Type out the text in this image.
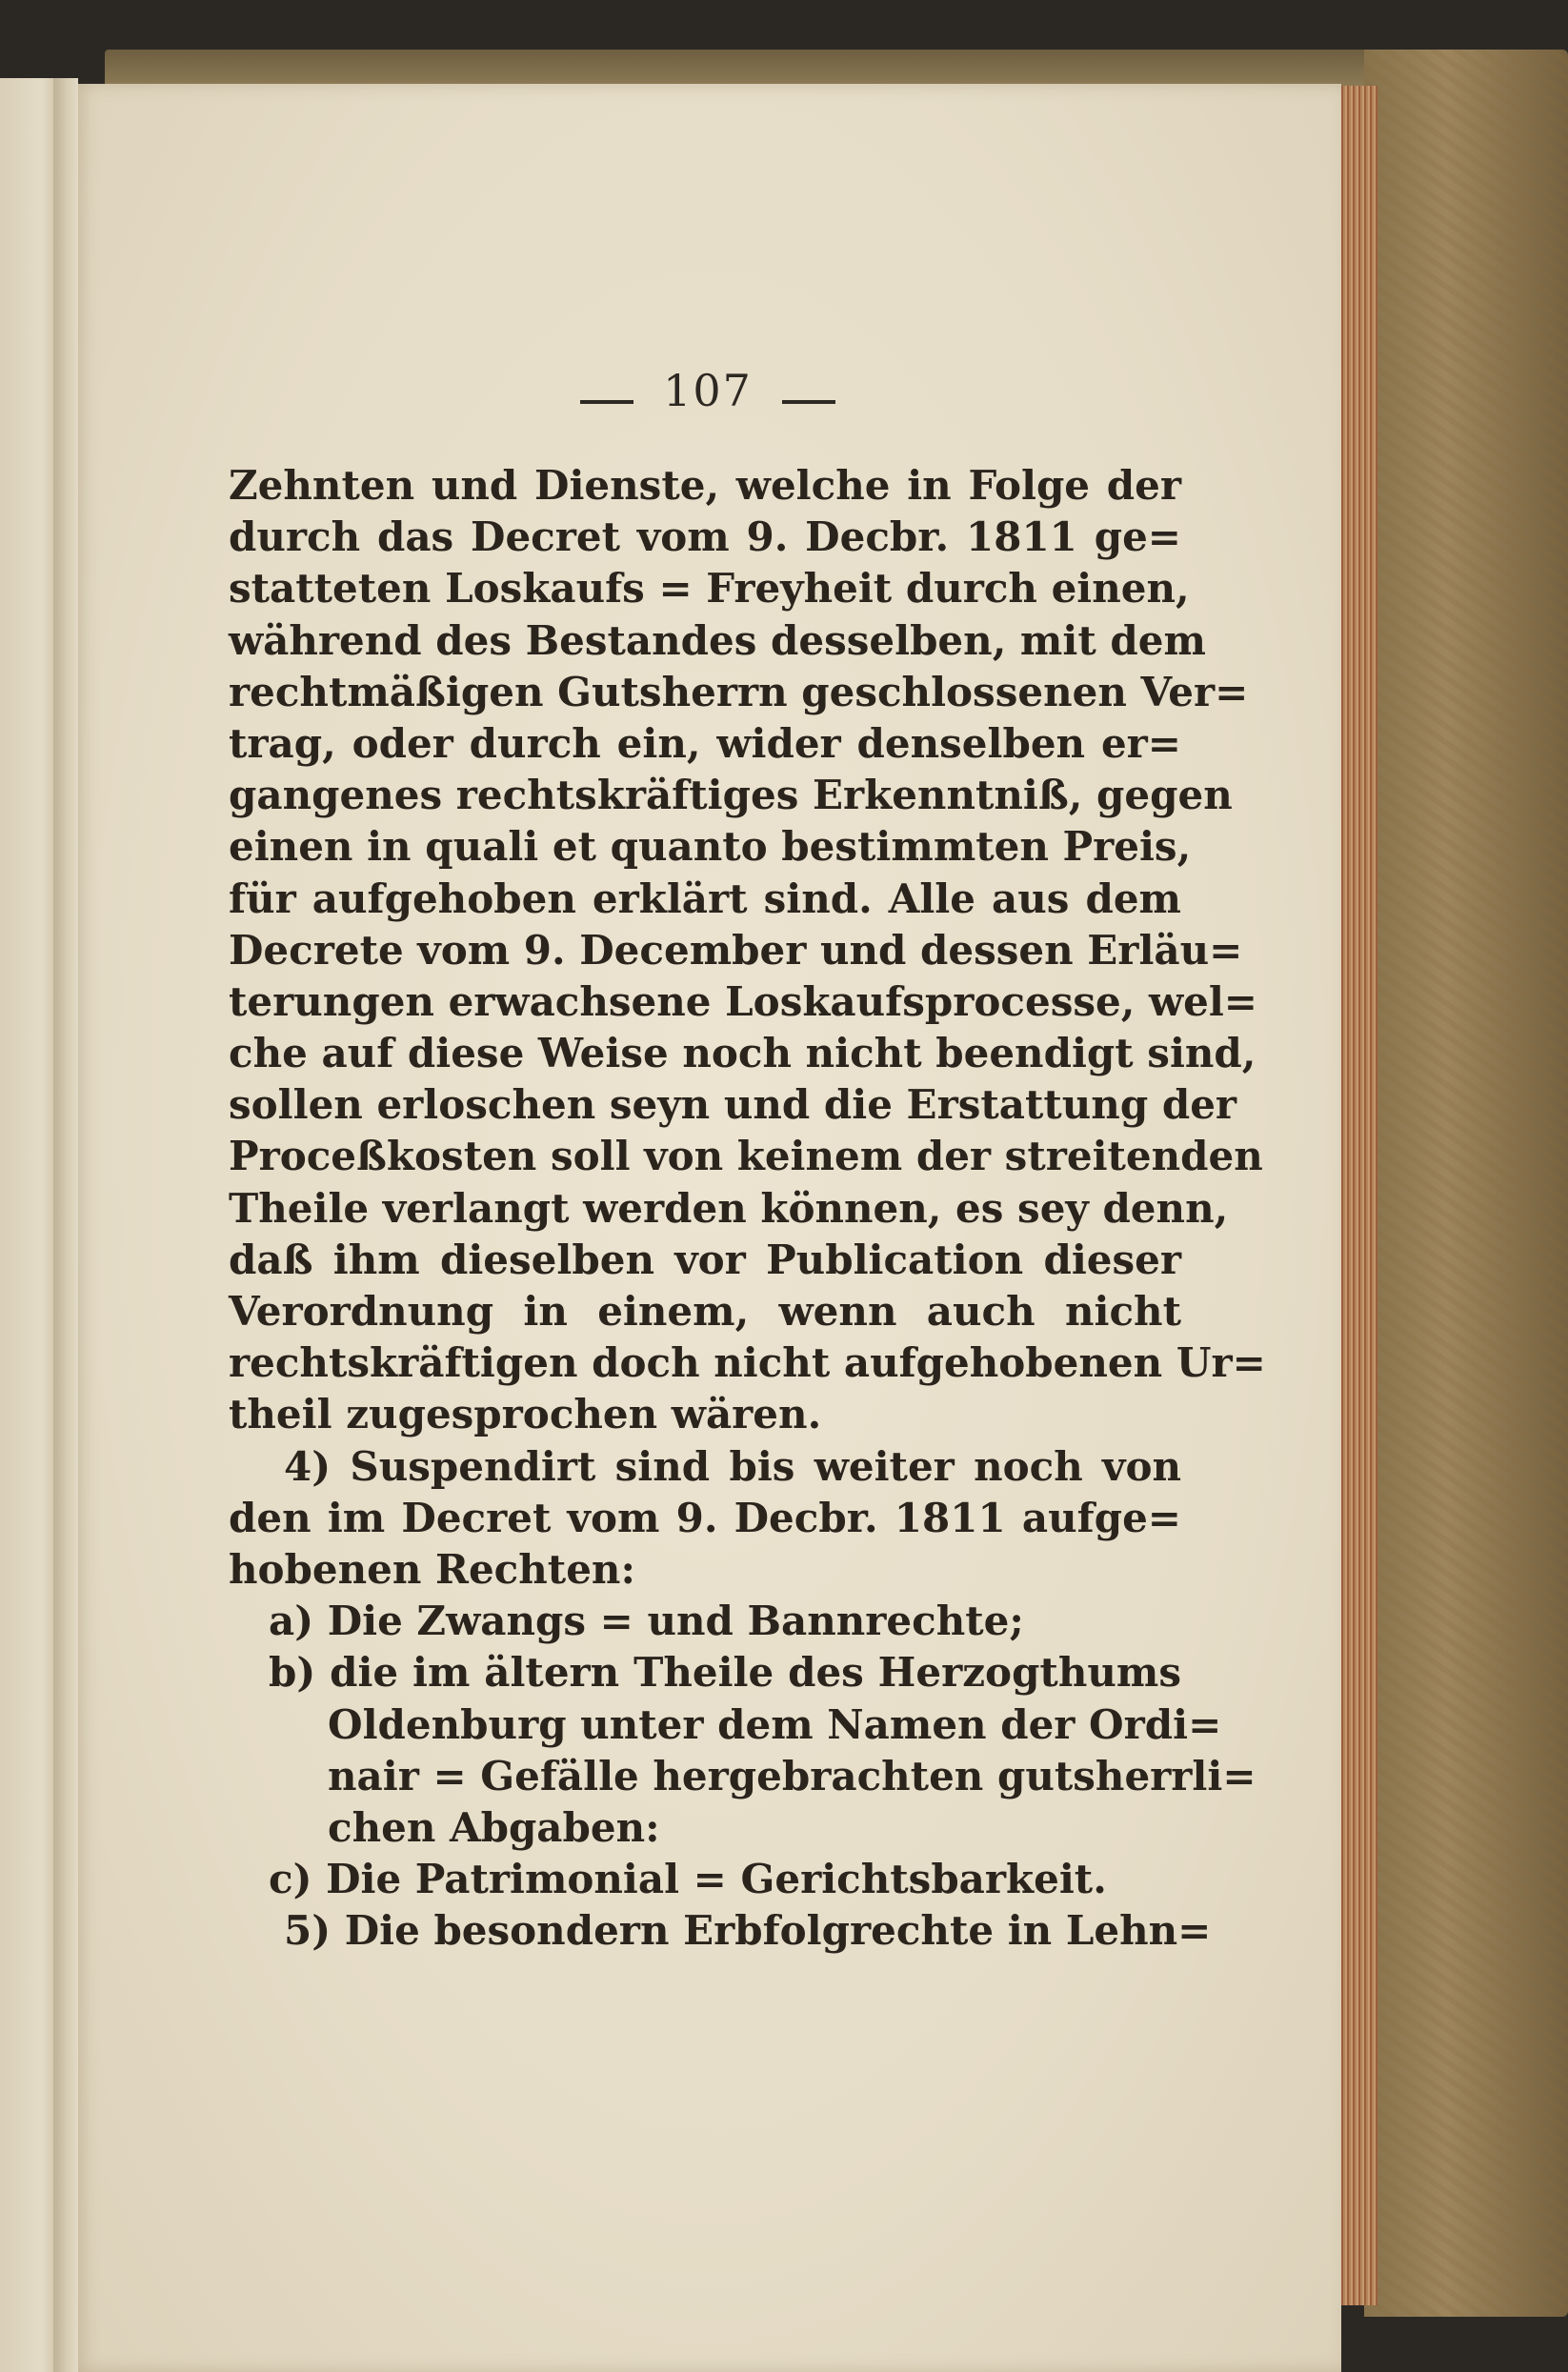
107
Zehnten und Dienste, welche in Folge der
durch das Decret vom 9. Decbr. 1811 ge=
statteten Loskaufs = Freyheit durch einen,
während des Bestandes desselben, mit dem
rechtmäßigen Gutsherrn geschlossenen Ver=
trag, oder durch ein, wider denselben er=
gangenes rechtskräftiges Erkenntniß, gegen
einen in quali et quanto bestimmten Preis,
für aufgehoben erklärt sind. Alle aus dem
Decrete vom 9. December und dessen Erläu=
terungen erwachsene Loskaufsprocesse, wel=
che auf diese Weise noch nicht beendigt sind,
sollen erloschen seyn und die Erstattung der
Proceßkosten soll von keinem der streitenden
Theile verlangt werden können, es sey denn,
daß ihm dieselben vor Publication dieser
Verordnung in einem, wenn auch nicht
rechtskräftigen doch nicht aufgehobenen Ur=
theil zugesprochen wären.
4) Suspendirt sind bis weiter noch von
den im Decret vom 9. Decbr. 1811 aufge=
hobenen Rechten:
a) Die Zwangs = und Bannrechte;
b) die im ältern Theile des Herzogthums
Oldenburg unter dem Namen der Ordi=
nair = Gefälle hergebrachten gutsherrli=
chen Abgaben:
c) Die Patrimonial = Gerichtsbarkeit.
5) Die besondern Erbfolgrechte in Lehn=
